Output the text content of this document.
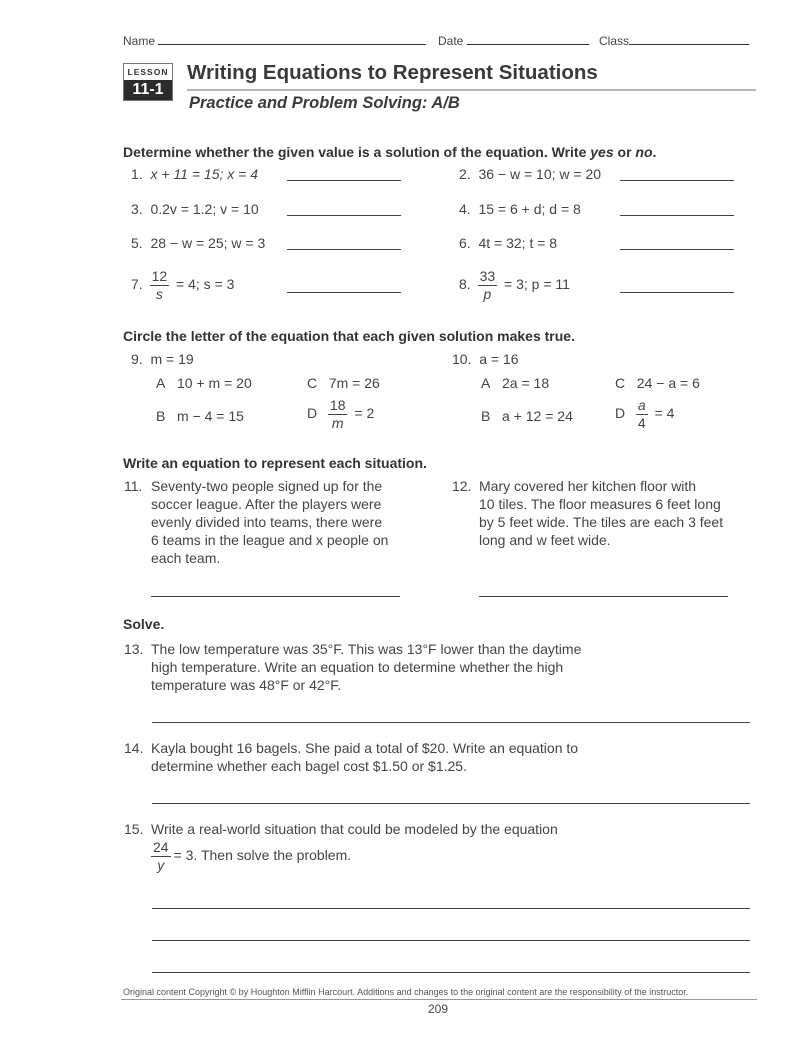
Name	Date	Class
LESSON
11-1
Writing Equations to Represent Situations
Practice and Problem Solving: A/B
Determine whether the given value is a solution of the equation. Write yes or no.
1. x + 11 = 15; x = 4	2. 36 − w = 10; w = 20
3. 0.2v = 1.2; v = 10	4. 15 = 6 + d; d = 8
5. 28 − w = 25; w = 3	6. 4t = 32; t = 8
7. $\frac{12}{s} = 4$; s = 3	8. $\frac{33}{p} = 3$; p = 11
Circle the letter of the equation that each given solution makes true.
9. m = 19
A 10 + m = 20	C 7m = 26
B m − 4 = 15	D $\frac{18}{m} = 2$
10. a = 16
A 2a = 18	C 24 − a = 6
B a + 12 = 24	D $\frac{a}{4} = 4$
Write an equation to represent each situation.
11. Seventy-two people signed up for the
soccer league. After the players were
evenly divided into teams, there were
6 teams in the league and x people on
each team.
12. Mary covered her kitchen floor with
10 tiles. The floor measures 6 feet long
by 5 feet wide. The tiles are each 3 feet
long and w feet wide.
Solve.
13. The low temperature was 35°F. This was 13°F lower than the daytime
high temperature. Write an equation to determine whether the high
temperature was 48°F or 42°F.
14. Kayla bought 16 bagels. She paid a total of $20. Write an equation to
determine whether each bagel cost $1.50 or $1.25.
15. Write a real-world situation that could be modeled by the equation
$\frac{24}{y} = 3$. Then solve the problem.
Original content Copyright © by Houghton Mifflin Harcourt. Additions and changes to the original content are the responsibility of the instructor.
209
